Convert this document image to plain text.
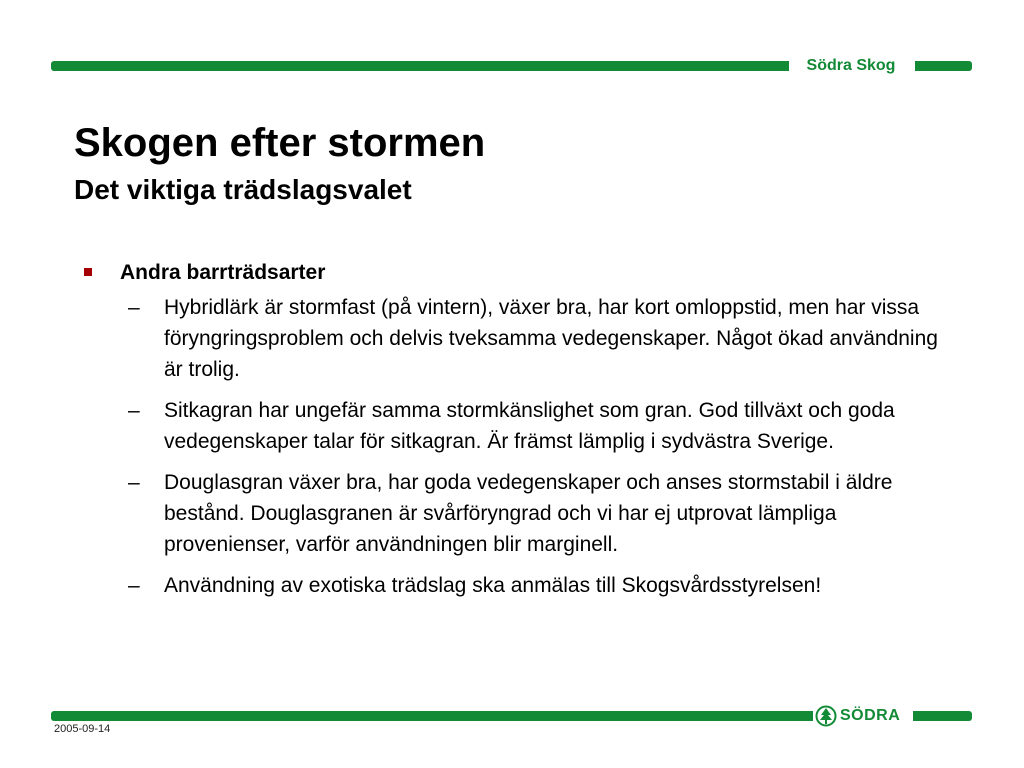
Södra Skog
Skogen efter stormen
Det viktiga trädslagsvalet
Andra barrträdsarter
– Hybridlärk är stormfast (på vintern), växer bra, har kort omloppstid, men har vissa föryngringsproblem och delvis tveksamma vedegenskaper. Något ökad användning är trolig.
– Sitkagran har ungefär samma stormkänslighet som gran. God tillväxt och goda vedegenskaper talar för sitkagran. Är främst lämplig i sydvästra Sverige.
– Douglasgran växer bra, har goda vedegenskaper och anses stormstabil i äldre bestånd. Douglasgranen är svårföryngrad och vi har ej utprovat lämpliga provenienser, varför användningen blir marginell.
– Användning av exotiska trädslag ska anmälas till Skogsvårdsstyrelsen!
SÖDRA
2005-09-14
